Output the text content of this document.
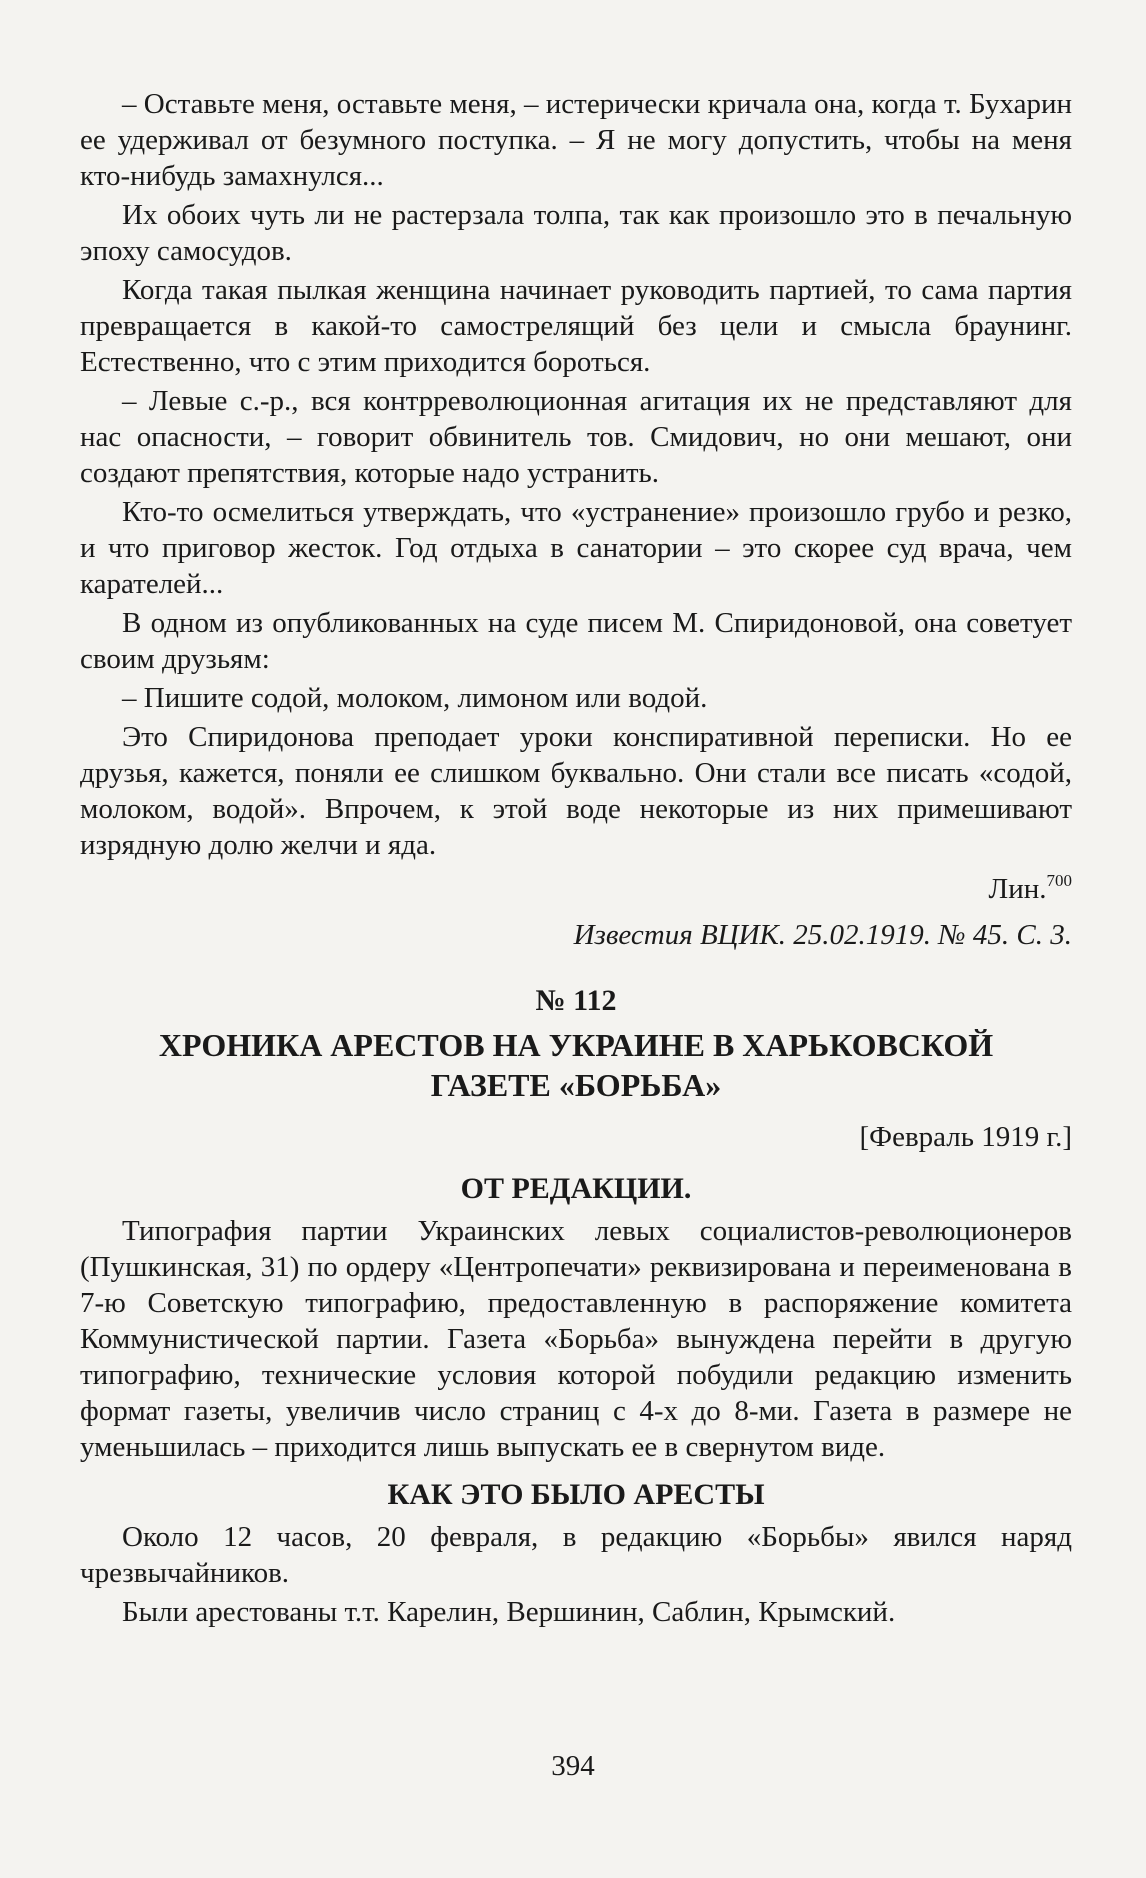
– Оставьте меня, оставьте меня, – истерически кричала она, когда т. Бухарин ее удерживал от безумного поступка. – Я не могу допустить, чтобы на меня кто-нибудь замахнулся...

Их обоих чуть ли не растерзала толпа, так как произошло это в печальную эпоху самосудов.

Когда такая пылкая женщина начинает руководить партией, то сама партия превращается в какой-то самострелящий без цели и смысла браунинг. Естественно, что с этим приходится бороться.

– Левые с.-р., вся контрреволюционная агитация их не представляют для нас опасности, – говорит обвинитель тов. Смидович, но они мешают, они создают препятствия, которые надо устранить.

Кто-то осмелиться утверждать, что «устранение» произошло грубо и резко, и что приговор жесток. Год отдыха в санатории – это скорее суд врача, чем карателей...

В одном из опубликованных на суде писем М. Спиридоновой, она советует своим друзьям:

– Пишите содой, молоком, лимоном или водой.

Это Спиридонова преподает уроки конспиративной переписки. Но ее друзья, кажется, поняли ее слишком буквально. Они стали все писать «содой, молоком, водой». Впрочем, к этой воде некоторые из них примешивают изрядную долю желчи и яда.

Лин.$^{700}$

Известия ВЦИК. 25.02.1919. № 45. С. 3.

№ 112

ХРОНИКА АРЕСТОВ НА УКРАИНЕ В ХАРЬКОВСКОЙ
ГАЗЕТЕ «БОРЬБА»

[Февраль 1919 г.]

ОТ РЕДАКЦИИ.

Типография партии Украинских левых социалистов-революционеров (Пушкинская, 31) по ордеру «Центропечати» реквизирована и переименована в 7-ю Советскую типографию, предоставленную в распоряжение комитета Коммунистической партии. Газета «Борьба» вынуждена перейти в другую типографию, технические условия которой побудили редакцию изменить формат газеты, увеличив число страниц с 4-х до 8-ми. Газета в размере не уменьшилась – приходится лишь выпускать ее в свернутом виде.

КАК ЭТО БЫЛО АРЕСТЫ

Около 12 часов, 20 февраля, в редакцию «Борьбы» явился наряд чрезвычайников.

Были арестованы т.т. Карелин, Вершинин, Саблин, Крымский.

394
